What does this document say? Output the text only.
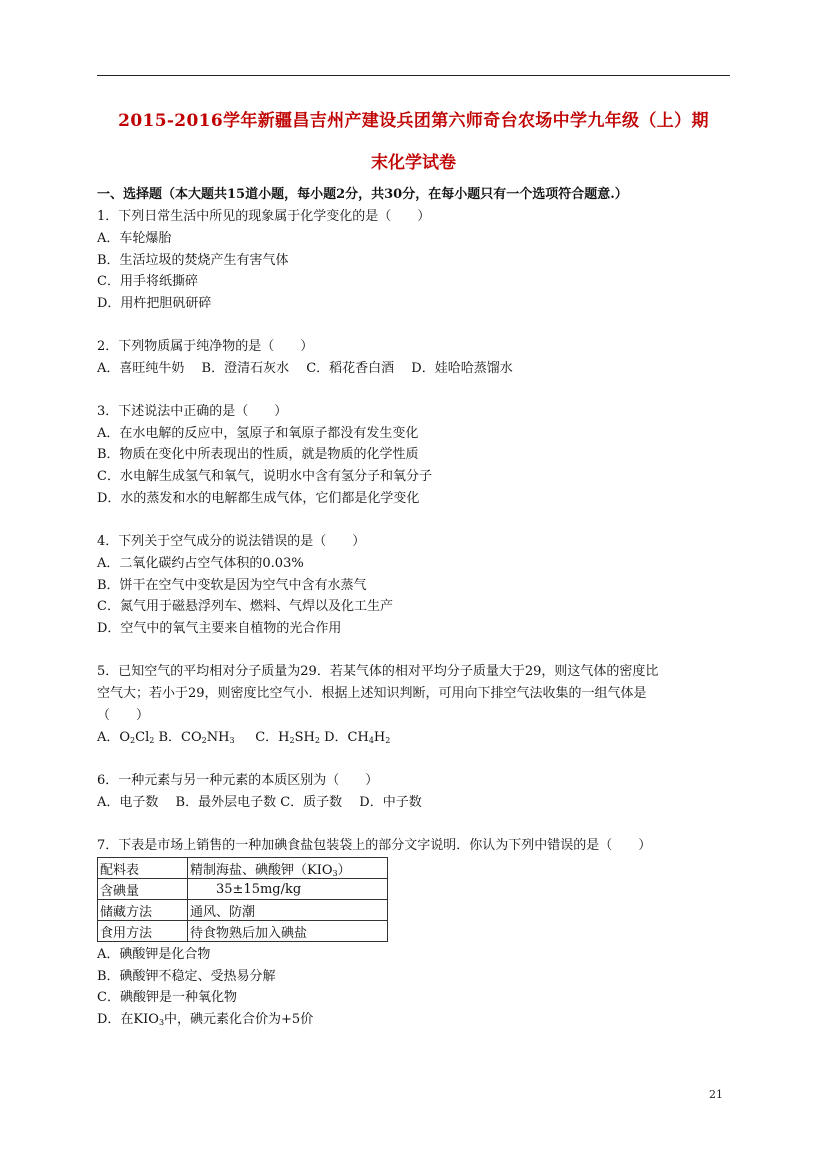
2015-2016学年新疆昌吉州产建设兵团第六师奇台农场中学九年级（上）期
末化学试卷
一、选择题（本大题共15道小题，每小题2分，共30分，在每小题只有一个选项符合题意.）
1．下列日常生活中所见的现象属于化学变化的是（　　）
A．车轮爆胎
B．生活垃圾的焚烧产生有害气体
C．用手将纸撕碎
D．用杵把胆矾研碎
2．下列物质属于纯净物的是（　　）
A．喜旺纯牛奶　 B．澄清石灰水　 C．稻花香白酒　 D．娃哈哈蒸馏水
3．下述说法中正确的是（　　）
A．在水电解的反应中，氢原子和氧原子都没有发生变化
B．物质在变化中所表现出的性质，就是物质的化学性质
C．水电解生成氢气和氧气，说明水中含有氢分子和氧分子
D．水的蒸发和水的电解都生成气体，它们都是化学变化
4．下列关于空气成分的说法错误的是（　　）
A．二氧化碳约占空气体积的0.03%
B．饼干在空气中变软是因为空气中含有水蒸气
C．氮气用于磁悬浮列车、燃料、气焊以及化工生产
D．空气中的氧气主要来自植物的光合作用
5．已知空气的平均相对分子质量为29．若某气体的相对平均分子质量大于29，则这气体的密度比
空气大；若小于29，则密度比空气小．根据上述知识判断，可用向下排空气法收集的一组气体是
（　　）
A．$O_2Cl_2$ B．$CO_2NH_3$ C．$H_2SH_2$ D．$CH_4H_2$
6．一种元素与另一种元素的本质区别为（　　）
A．电子数　 B．最外层电子数 C．质子数　 D．中子数
7．下表是市场上销售的一种加碘食盐包装袋上的部分文字说明．你认为下列中错误的是（　　）
配料表	精制海盐、碘酸钾$(KIO_3)$
含碘量	35±15mg/kg
储藏方法	通风、防潮
食用方法	待食物熟后加入碘盐
A．碘酸钾是化合物
B．碘酸钾不稳定、受热易分解
C．碘酸钾是一种氧化物
D．在$KIO_3$中，碘元素化合价为+5价
21
